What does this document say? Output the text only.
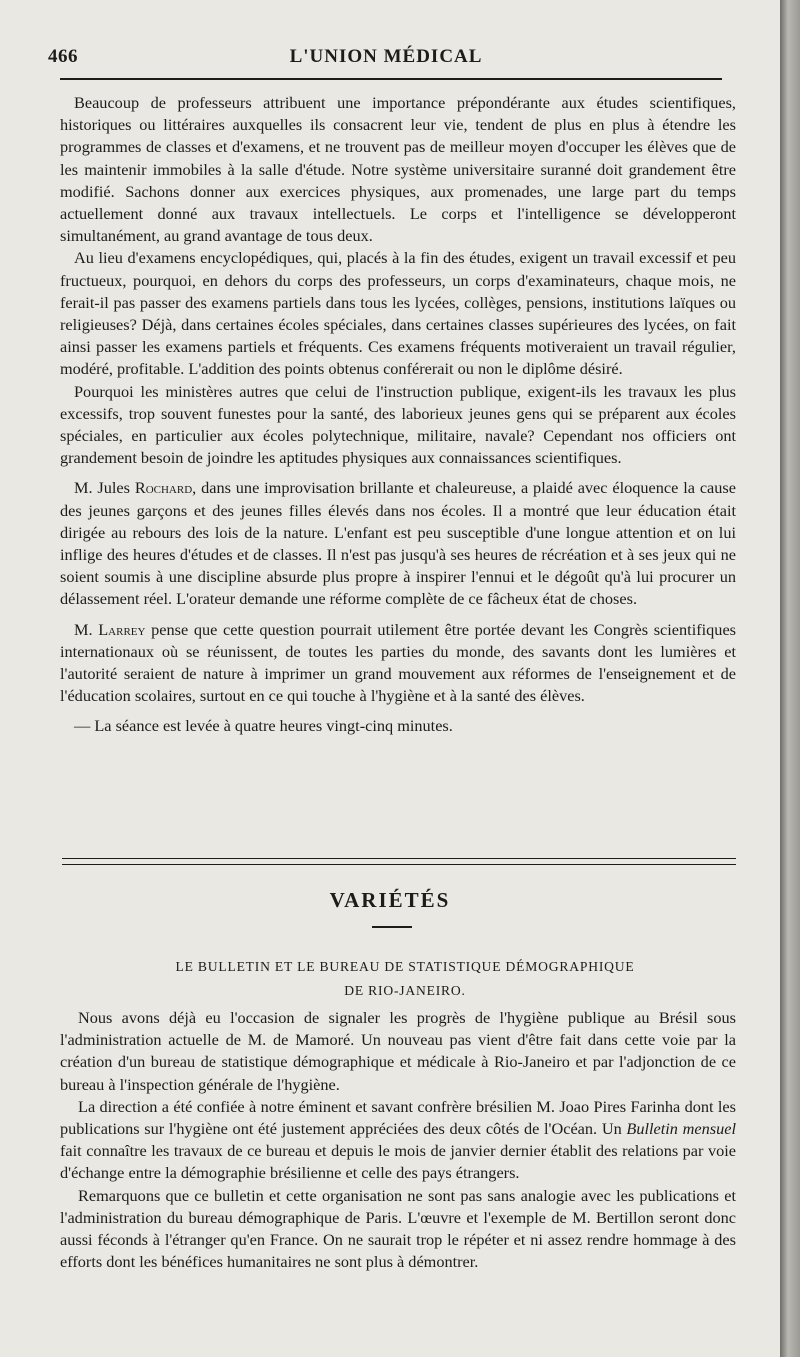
466	L'UNION MÉDICAL

Beaucoup de professeurs attribuent une importance prépondérante aux études scientifiques, historiques ou littéraires auxquelles ils consacrent leur vie, tendent de plus en plus à étendre les programmes de classes et d'examens, et ne trouvent pas de meilleur moyen d'occuper les élèves que de les maintenir immobiles à la salle d'étude. Notre système universitaire suranné doit grandement être modifié. Sachons donner aux exercices physiques, aux promenades, une large part du temps actuellement donné aux travaux intellectuels. Le corps et l'intelligence se développeront simultanément, au grand avantage de tous deux.

Au lieu d'examens encyclopédiques, qui, placés à la fin des études, exigent un travail excessif et peu fructueux, pourquoi, en dehors du corps des professeurs, un corps d'examinateurs, chaque mois, ne ferait-il pas passer des examens partiels dans tous les lycées, collèges, pensions, institutions laïques ou religieuses? Déjà, dans certaines écoles spéciales, dans certaines classes supérieures des lycées, on fait ainsi passer les examens partiels et fréquents. Ces examens fréquents motiveraient un travail régulier, modéré, profitable. L'addition des points obtenus conférerait ou non le diplôme désiré.

Pourquoi les ministères autres que celui de l'instruction publique, exigent-ils les travaux les plus excessifs, trop souvent funestes pour la santé, des laborieux jeunes gens qui se préparent aux écoles spéciales, en particulier aux écoles polytechnique, militaire, navale? Cependant nos officiers ont grandement besoin de joindre les aptitudes physiques aux connaissances scientifiques.

M. Jules Rochard, dans une improvisation brillante et chaleureuse, a plaidé avec éloquence la cause des jeunes garçons et des jeunes filles élevés dans nos écoles. Il a montré que leur éducation était dirigée au rebours des lois de la nature. L'enfant est peu susceptible d'une longue attention et on lui inflige des heures d'études et de classes. Il n'est pas jusqu'à ses heures de récréation et à ses jeux qui ne soient soumis à une discipline absurde plus propre à inspirer l'ennui et le dégoût qu'à lui procurer un délassement réel. L'orateur demande une réforme complète de ce fâcheux état de choses.

M. Larrey pense que cette question pourrait utilement être portée devant les Congrès scientifiques internationaux où se réunissent, de toutes les parties du monde, des savants dont les lumières et l'autorité seraient de nature à imprimer un grand mouvement aux réformes de l'enseignement et de l'éducation scolaires, surtout en ce qui touche à l'hygiène et à la santé des élèves.

— La séance est levée à quatre heures vingt-cinq minutes.

VARIÉTÉS
LE BULLETIN ET LE BUREAU DE STATISTIQUE DÉMOGRAPHIQUE
DE RIO-JANEIRO.

Nous avons déjà eu l'occasion de signaler les progrès de l'hygiène publique au Brésil sous l'administration actuelle de M. de Mamoré. Un nouveau pas vient d'être fait dans cette voie par la création d'un bureau de statistique démographique et médicale à Rio-Janeiro et par l'adjonction de ce bureau à l'inspection générale de l'hygiène.

La direction a été confiée à notre éminent et savant confrère brésilien M. Joao Pires Farinha dont les publications sur l'hygiène ont été justement appréciées des deux côtés de l'Océan. Un Bulletin mensuel fait connaître les travaux de ce bureau et depuis le mois de janvier dernier établit des relations par voie d'échange entre la démographie brésilienne et celle des pays étrangers.

Remarquons que ce bulletin et cette organisation ne sont pas sans analogie avec les publications et l'administration du bureau démographique de Paris. L'œuvre et l'exemple de M. Bertillon seront donc aussi féconds à l'étranger qu'en France. On ne saurait trop le répéter et ni assez rendre hommage à des efforts dont les bénéfices humanitaires ne sont plus à démontrer.
